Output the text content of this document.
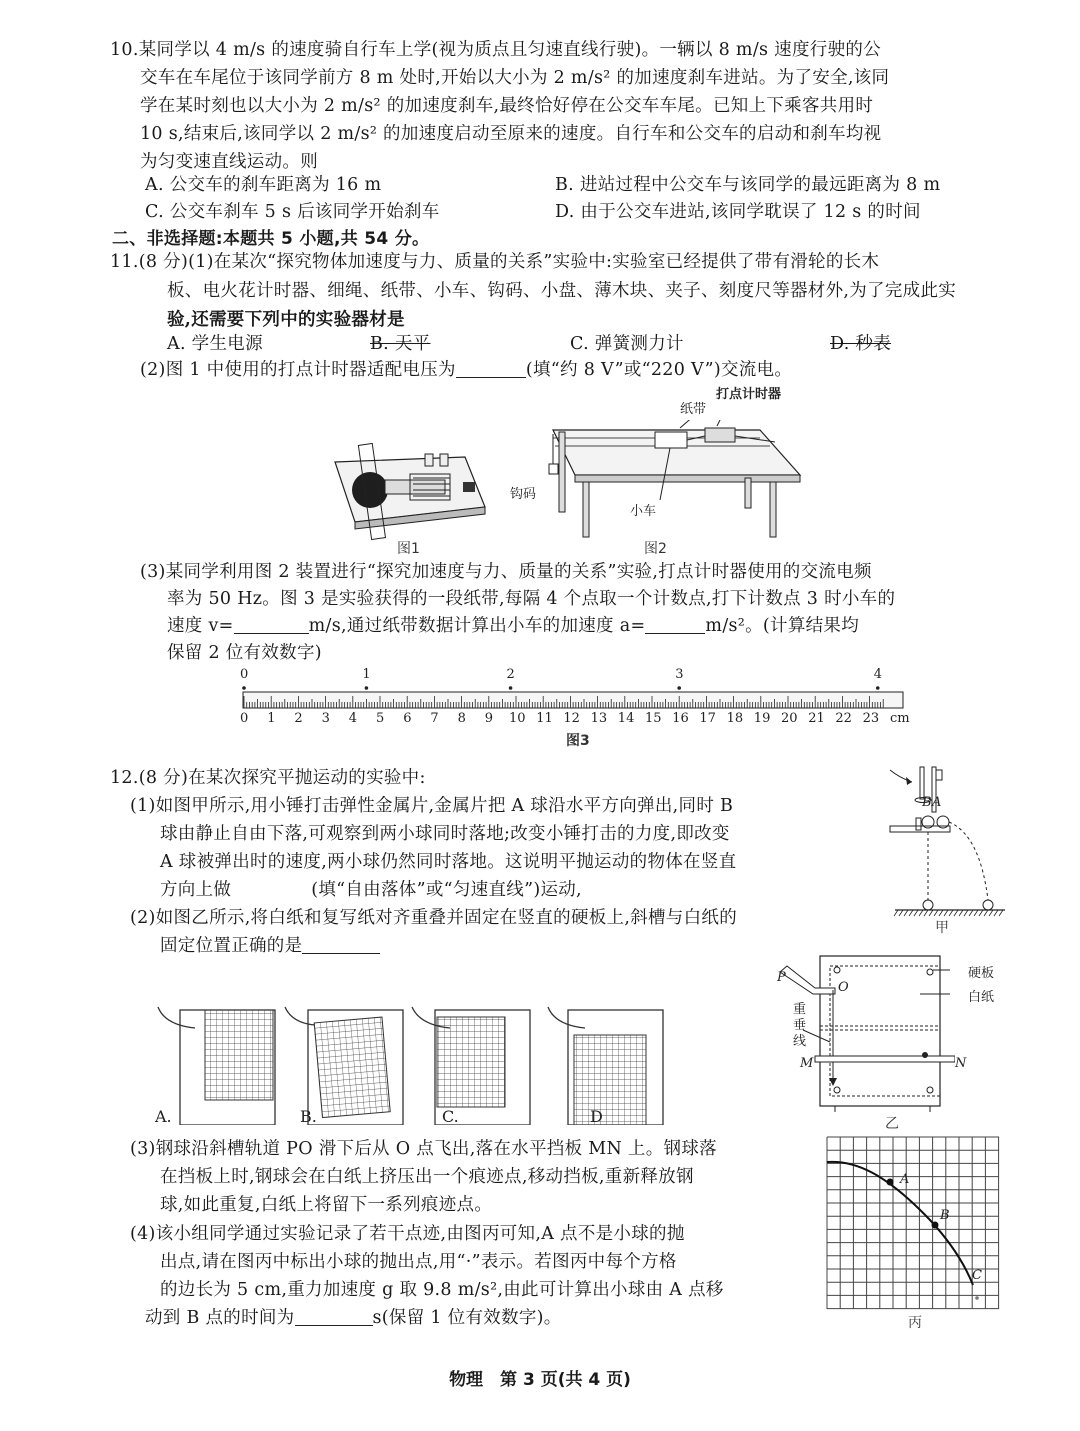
10.某同学以 4 m/s 的速度骑自行车上学(视为质点且匀速直线行驶)。一辆以 8 m/s 速度行驶的公
交车在车尾位于该同学前方 8 m 处时,开始以大小为 2 m/s² 的加速度刹车进站。为了安全,该同
学在某时刻也以大小为 2 m/s² 的加速度刹车,最终恰好停在公交车车尾。已知上下乘客共用时
10 s,结束后,该同学以 2 m/s² 的加速度启动至原来的速度。自行车和公交车的启动和刹车均视
为匀变速直线运动。则
A. 公交车的刹车距离为 16 m	B. 进站过程中公交车与该同学的最远距离为 8 m
C. 公交车刹车 5 s 后该同学开始刹车	D. 由于公交车进站,该同学耽误了 12 s 的时间
二、非选择题:本题共 5 小题,共 54 分。
11.(8 分)(1)在某次“探究物体加速度与力、质量的关系”实验中:实验室已经提供了带有滑轮的长木
板、电火花计时器、细绳、纸带、小车、钩码、小盘、薄木块、夹子、刻度尺等器材外,为了完成此实
验,还需要下列中的实验器材是
A. 学生电源	B. 天平	C. 弹簧测力计	D. 秒表
(2)图 1 中使用的打点计时器适配电压为	(填“约 8 V”或“220 V”)交流电。
图1
打点计时器
纸带
钩码
小车
图2
(3)某同学利用图 2 装置进行“探究加速度与力、质量的关系”实验,打点计时器使用的交流电频
率为 50 Hz。图 3 是实验获得的一段纸带,每隔 4 个点取一个计数点,打下计数点 3 时小车的
速度 v=	m/s,通过纸带数据计算出小车的加速度 a=	m/s²。(计算结果均
保留 2 位有效数字)
0	1	2	3	4
0 1 2 3 4 5 6 7 8 9 10 11 12 13 14 15 16 17 18 19 20 21 22 23 cm
图3
12.(8 分)在某次探究平抛运动的实验中:
(1)如图甲所示,用小锤打击弹性金属片,金属片把 A 球沿水平方向弹出,同时 B
球由静止自由下落,可观察到两小球同时落地;改变小锤打击的力度,即改变
A 球被弹出时的速度,两小球仍然同时落地。这说明平抛运动的物体在竖直
方向上做	(填“自由落体”或“匀速直线”)运动,
(2)如图乙所示,将白纸和复写纸对齐重叠并固定在竖直的硬板上,斜槽与白纸的
固定位置正确的是
B A
甲
硬板
白纸
重垂线
P
O
M	N
乙
A.	B.	C.	D
(3)钢球沿斜槽轨道 PO 滑下后从 O 点飞出,落在水平挡板 MN 上。钢球落
在挡板上时,钢球会在白纸上挤压出一个痕迹点,移动挡板,重新释放钢
球,如此重复,白纸上将留下一系列痕迹点。
(4)该小组同学通过实验记录了若干点迹,由图丙可知,A 点不是小球的抛
出点,请在图丙中标出小球的抛出点,用“·”表示。若图丙中每个方格
的边长为 5 cm,重力加速度 g 取 9.8 m/s²,由此可计算出小球由 A 点移
动到 B 点的时间为	s(保留 1 位有效数字)。
A
B
C
丙
物理　第 3 页(共 4 页)
